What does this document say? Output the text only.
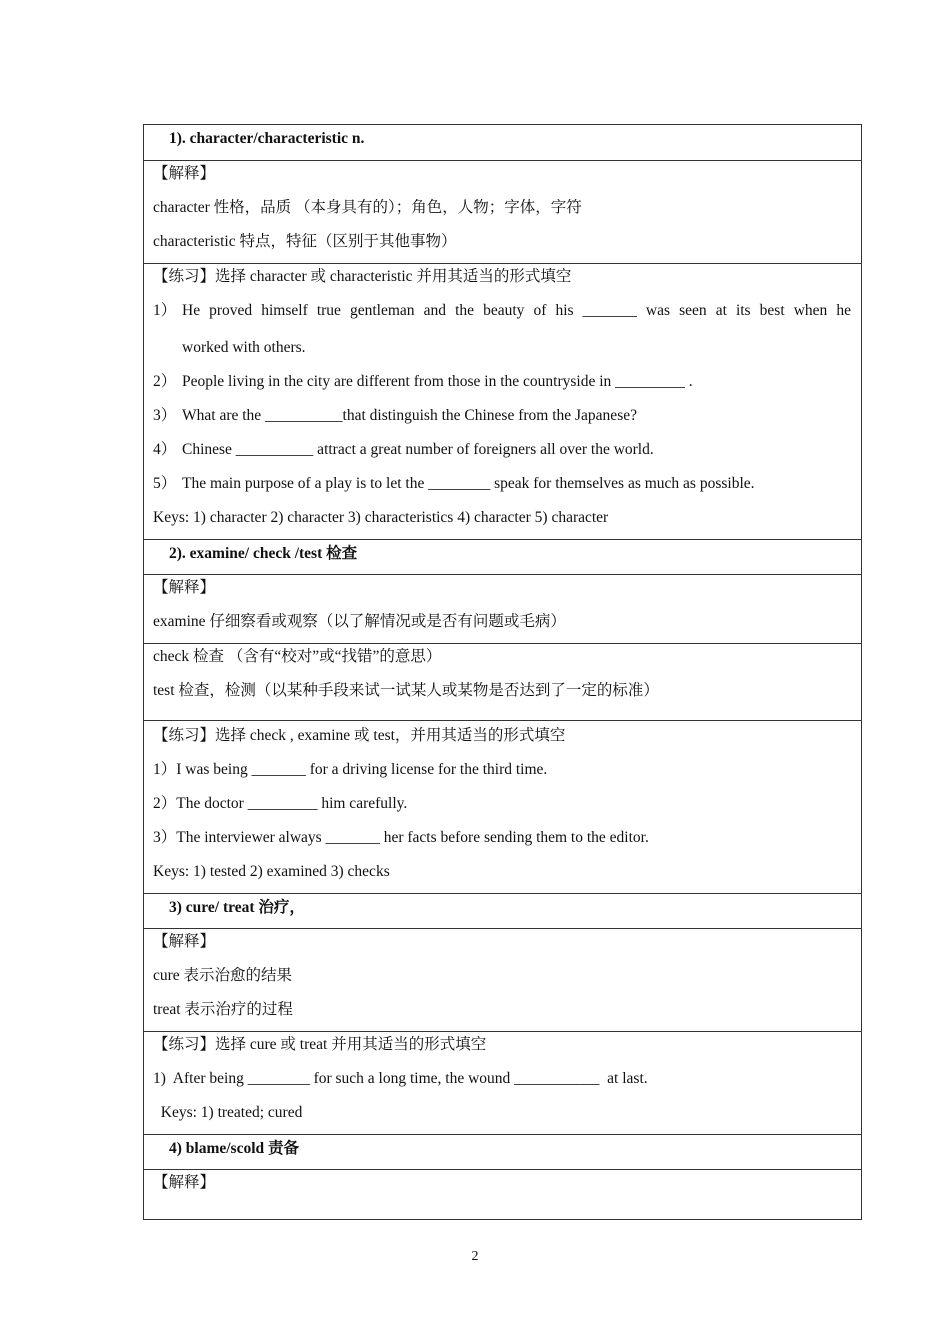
1). character/characteristic n.
【解释】
character 性格，品质 （本身具有的）；角色，人物；字体，字符
characteristic 特点，特征（区别于其他事物）
【练习】选择 character 或 characteristic 并用其适当的形式填空
1） He proved himself true gentleman and the beauty of his _______ was seen at its best when he
worked with others.
2） People living in the city are different from those in the countryside in _________ .
3） What are the __________that distinguish the Chinese from the Japanese?
4） Chinese __________ attract a great number of foreigners all over the world.
5） The main purpose of a play is to let the ________ speak for themselves as much as possible.
Keys: 1) character 2) character 3) characteristics 4) character 5) character
2). examine/ check /test 检查
【解释】
examine 仔细察看或观察（以了解情况或是否有问题或毛病）
check 检查 （含有“校对”或“找错”的意思）
test 检查，检测（以某种手段来试一试某人或某物是否达到了一定的标准）
【练习】选择 check , examine 或 test，并用其适当的形式填空
1）I was being _______ for a driving license for the third time.
2）The doctor _________ him carefully.
3）The interviewer always _______ her facts before sending them to the editor.
Keys: 1) tested 2) examined 3) checks
3) cure/ treat 治疗，
【解释】
cure 表示治愈的结果
treat 表示治疗的过程
【练习】选择 cure 或 treat 并用其适当的形式填空
1)  After being ________ for such a long time, the wound ___________  at last.
Keys: 1) treated; cured
4) blame/scold 责备
【解释】
2
